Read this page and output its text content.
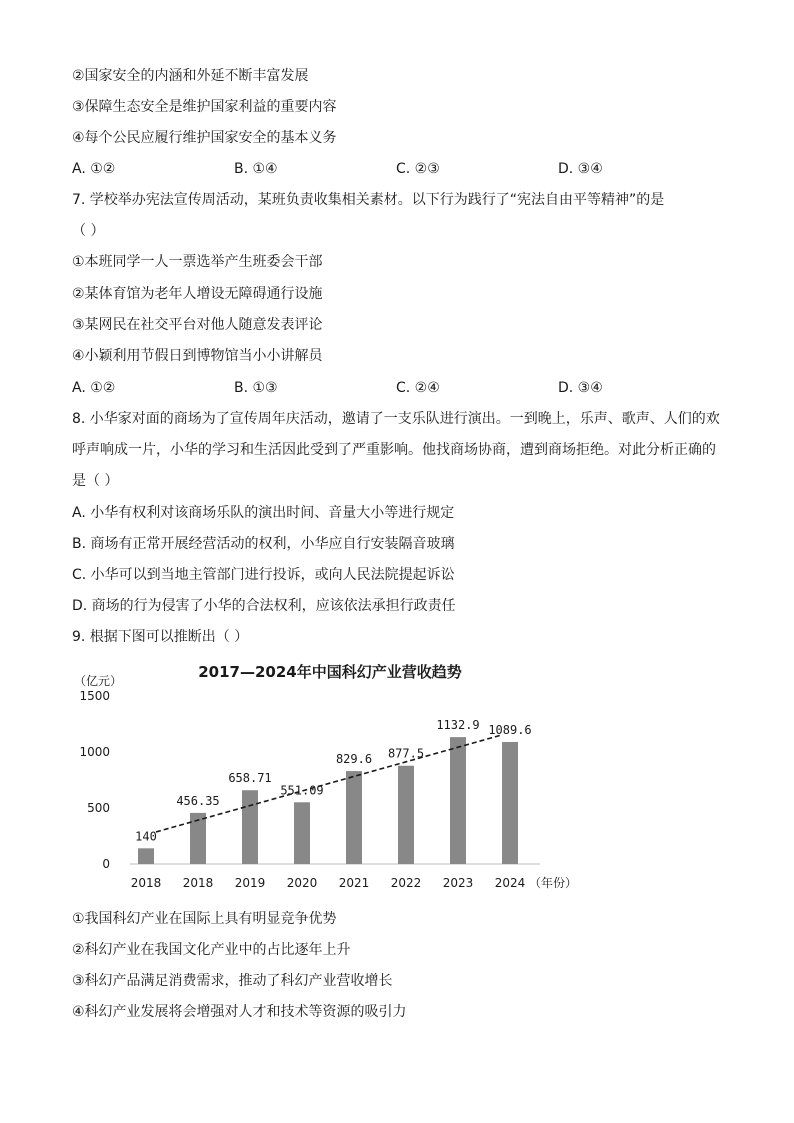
②国家安全的内涵和外延不断丰富发展
③保障生态安全是维护国家利益的重要内容
④每个公民应履行维护国家安全的基本义务
A. ①②	B. ①④	C. ②③	D. ③④
7. 学校举办宪法宣传周活动，某班负责收集相关素材。以下行为践行了“宪法自由平等精神”的是
（ ）
①本班同学一人一票选举产生班委会干部
②某体育馆为老年人增设无障碍通行设施
③某网民在社交平台对他人随意发表评论
④小颖利用节假日到博物馆当小小讲解员
A. ①②	B. ①③	C. ②④	D. ③④
8. 小华家对面的商场为了宣传周年庆活动，邀请了一支乐队进行演出。一到晚上，乐声、歌声、人们的欢
呼声响成一片，小华的学习和生活因此受到了严重影响。他找商场协商，遭到商场拒绝。对此分析正确的
是（ ）
A. 小华有权利对该商场乐队的演出时间、音量大小等进行规定
B. 商场有正常开展经营活动的权利，小华应自行安装隔音玻璃
C. 小华可以到当地主管部门进行投诉，或向人民法院提起诉讼
D. 商场的行为侵害了小华的合法权利，应该依法承担行政责任
9. 根据下图可以推断出（ ）
2017—2024年中国科幻产业营收趋势
（亿元）
0
500
1000
1500
2018 2018 2019 2020 2021 2022 2023 2024
140
456.35
658.71
551.09
829.6 877.5
1132.9 1089.6
（年份）
①我国科幻产业在国际上具有明显竞争优势
②科幻产业在我国文化产业中的占比逐年上升
③科幻产品满足消费需求，推动了科幻产业营收增长
④科幻产业发展将会增强对人才和技术等资源的吸引力
